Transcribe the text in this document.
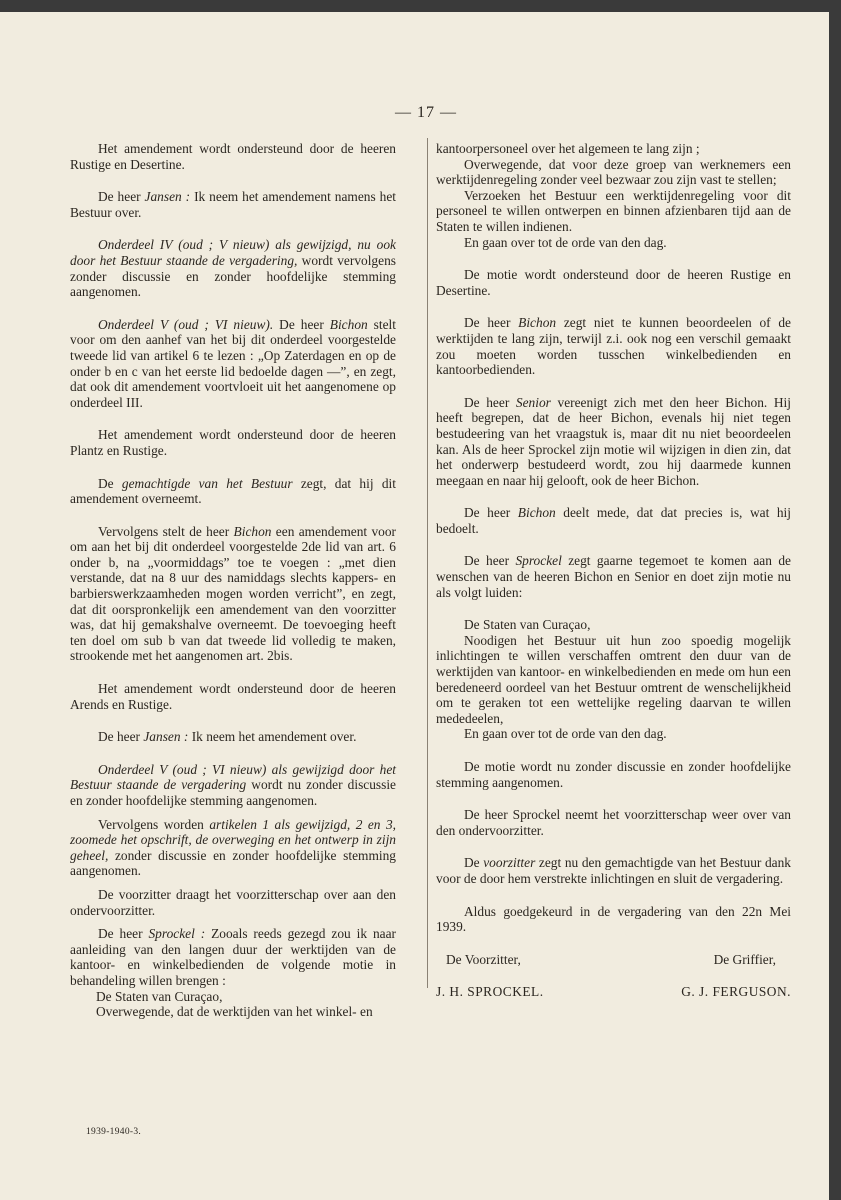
— 17 —

Het amendement wordt ondersteund door de heeren Rustige en Desertine.

De heer Jansen : Ik neem het amendement namens het Bestuur over.

Onderdeel IV (oud ; V nieuw) als gewijzigd, nu ook door het Bestuur staande de vergadering, wordt vervolgens zonder discussie en zonder hoofdelijke stemming aangenomen.

Onderdeel V (oud ; VI nieuw). De heer Bichon stelt voor om den aanhef van het bij dit onderdeel voorgestelde tweede lid van artikel 6 te lezen : „Op Zaterdagen en op de onder b en c van het eerste lid bedoelde dagen —”, en zegt, dat ook dit amendement voortvloeit uit het aangenomene op onderdeel III.

Het amendement wordt ondersteund door de heeren Plantz en Rustige.

De gemachtigde van het Bestuur zegt, dat hij dit amendement overneemt.

Vervolgens stelt de heer Bichon een amendement voor om aan het bij dit onderdeel voorgestelde 2de lid van art. 6 onder b, na „voormiddags” toe te voegen : „met dien verstande, dat na 8 uur des namiddags slechts kappers- en barbierswerkzaamheden mogen worden verricht”, en zegt, dat dit oorspronkelijk een amendement van den voorzitter was, dat hij gemakshalve overneemt. De toevoeging heeft ten doel om sub b van dat tweede lid volledig te maken, strookende met het aangenomen art. 2bis.

Het amendement wordt ondersteund door de heeren Arends en Rustige.

De heer Jansen : Ik neem het amendement over.

Onderdeel V (oud ; VI nieuw) als gewijzigd door het Bestuur staande de vergadering wordt nu zonder discussie en zonder hoofdelijke stemming aangenomen.

Vervolgens worden artikelen 1 als gewijzigd, 2 en 3, zoomede het opschrift, de overweging en het ontwerp in zijn geheel, zonder discussie en zonder hoofdelijke stemming aangenomen.

De voorzitter draagt het voorzitterschap over aan den ondervoorzitter.

De heer Sprockel : Zooals reeds gezegd zou ik naar aanleiding van den langen duur der werktijden van de kantoor- en winkelbedienden de volgende motie in behandeling willen brengen :

De Staten van Curaçao,

Overwegende, dat de werktijden van het winkel- en

kantoorpersoneel over het algemeen te lang zijn ;

Overwegende, dat voor deze groep van werknemers een werktijdenregeling zonder veel bezwaar zou zijn vast te stellen;

Verzoeken het Bestuur een werktijdenregeling voor dit personeel te willen ontwerpen en binnen afzienbaren tijd aan de Staten te willen indienen.

En gaan over tot de orde van den dag.

De motie wordt ondersteund door de heeren Rustige en Desertine.

De heer Bichon zegt niet te kunnen beoordeelen of de werktijden te lang zijn, terwijl z.i. ook nog een verschil gemaakt zou moeten worden tusschen winkelbedienden en kantoorbedienden.

De heer Senior vereenigt zich met den heer Bichon. Hij heeft begrepen, dat de heer Bichon, evenals hij niet tegen bestudeering van het vraagstuk is, maar dit nu niet beoordeelen kan. Als de heer Sprockel zijn motie wil wijzigen in dien zin, dat het onderwerp bestudeerd wordt, zou hij daarmede kunnen meegaan en naar hij gelooft, ook de heer Bichon.

De heer Bichon deelt mede, dat dat precies is, wat hij bedoelt.

De heer Sprockel zegt gaarne tegemoet te komen aan de wenschen van de heeren Bichon en Senior en doet zijn motie nu als volgt luiden:

De Staten van Curaçao,

Noodigen het Bestuur uit hun zoo spoedig mogelijk inlichtingen te willen verschaffen omtrent den duur van de werktijden van kantoor- en winkelbedienden en mede om hun een beredeneerd oordeel van het Bestuur omtrent de wenschelijkheid om te geraken tot een wettelijke regeling daarvan te willen mededeelen,

En gaan over tot de orde van den dag.

De motie wordt nu zonder discussie en zonder hoofdelijke stemming aangenomen.

De heer Sprockel neemt het voorzitterschap weer over van den ondervoorzitter.

De voorzitter zegt nu den gemachtigde van het Bestuur dank voor de door hem verstrekte inlichtingen en sluit de vergadering.

Aldus goedgekeurd in de vergadering van den 22n Mei 1939.

De Voorzitter,	De Griffier,
J. H. SPROCKEL.	G. J. FERGUSON.
1939-1940-3.
